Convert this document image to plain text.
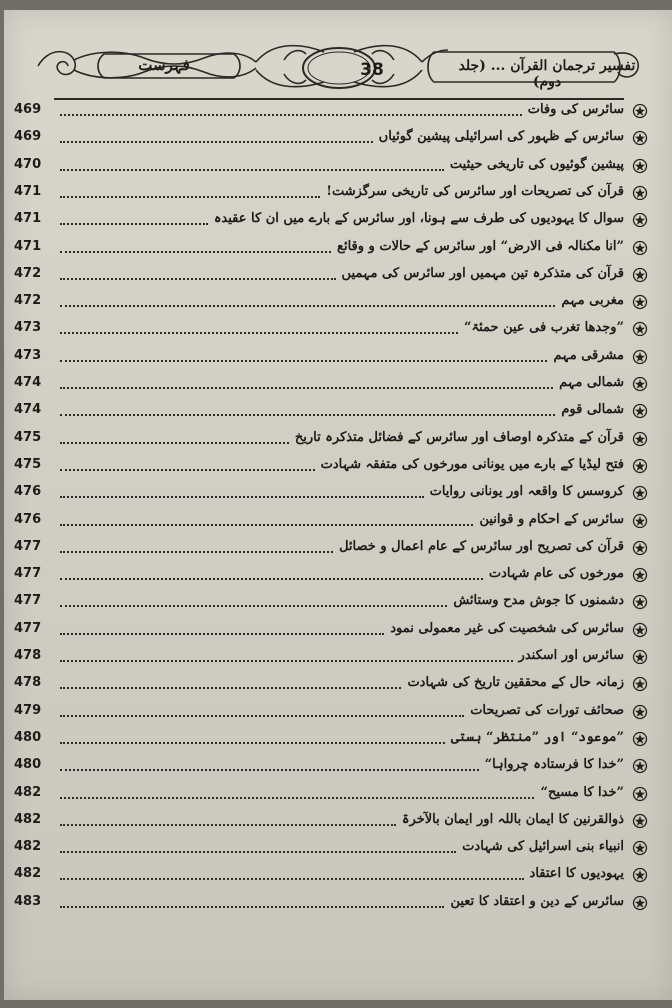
38	تفسیر ترجمان القرآن ... (جلد دوم)
فہرست
469	سائرس کی وفات
469	سائرس کے ظہور کی اسرائیلی پیشین گوئیاں
470	پیشین گوئیوں کی تاریخی حیثیت
471	قرآن کی تصریحات اور سائرس کی تاریخی سرگزشت!
471	سوال کا یہودیوں کی طرف سے ہونا، اور سائرس کے بارے میں ان کا عقیدہ
471	”انا مکنالہ فی الارض“ اور سائرس کے حالات و وقائع
472	قرآن کی متذکرہ تین مہمیں اور سائرس کی مہمیں
472	مغربی مہم
473	”وجدھا تغرب فی عین حمئۃ“
473	مشرقی مہم
474	شمالی مہم
474	شمالی قوم
475	قرآن کے متذکرہ اوصاف اور سائرس کے فضائل متذکرہ تاریخ
475	فتح لیڈیا کے بارے میں یونانی مورخوں کی متفقہ شہادت
476	کروسس کا واقعہ اور یونانی روایات
476	سائرس کے احکام و قوانین
477	قرآن کی تصریح اور سائرس کے عام اعمال و خصائل
477	مورخوں کی عام شہادت
477	دشمنوں کا جوش مدح وستائش
477	سائرس کی شخصیت کی غیر معمولی نمود
478	سائرس اور اسکندر
478	زمانہ حال کے محققین تاریخ کی شہادت
479	صحائف تورات کی تصریحات
480	”موعود“ اور ”منتظر“ ہستی
480	”خدا کا فرستادہ چرواہا“
482	”خدا کا مسیح“
482	ذوالقرنین کا ایمان باللہ اور ایمان بالآخرۃ
482	انبیاء بنی اسرائیل کی شہادت
482	یہودیوں کا اعتقاد
483	سائرس کے دین و اعتقاد کا تعین
